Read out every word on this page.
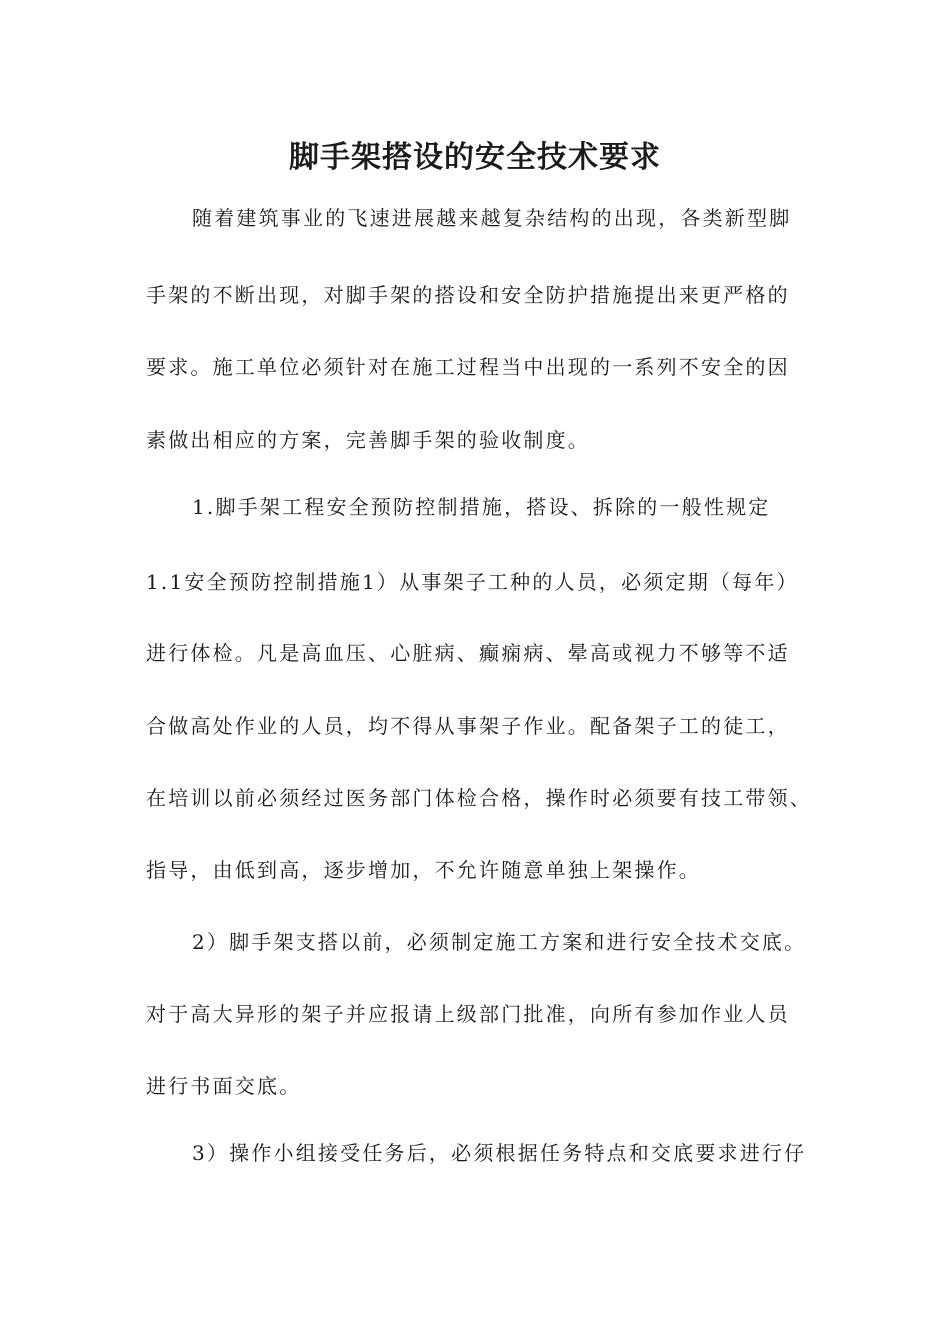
脚手架搭设的安全技术要求
随着建筑事业的飞速进展越来越复杂结构的出现，各类新型脚
手架的不断出现，对脚手架的搭设和安全防护措施提出来更严格的
要求。施工单位必须针对在施工过程当中出现的一系列不安全的因
素做出相应的方案，完善脚手架的验收制度。
1.脚手架工程安全预防控制措施，搭设、拆除的一般性规定
1.1安全预防控制措施1）从事架子工种的人员，必须定期（每年）
进行体检。凡是高血压、心脏病、癫痫病、晕高或视力不够等不适
合做高处作业的人员，均不得从事架子作业。配备架子工的徒工，
在培训以前必须经过医务部门体检合格，操作时必须要有技工带领、
指导，由低到高，逐步增加，不允许随意单独上架操作。
2）脚手架支搭以前，必须制定施工方案和进行安全技术交底。
对于高大异形的架子并应报请上级部门批准，向所有参加作业人员
进行书面交底。
3）操作小组接受任务后，必须根据任务特点和交底要求进行仔
